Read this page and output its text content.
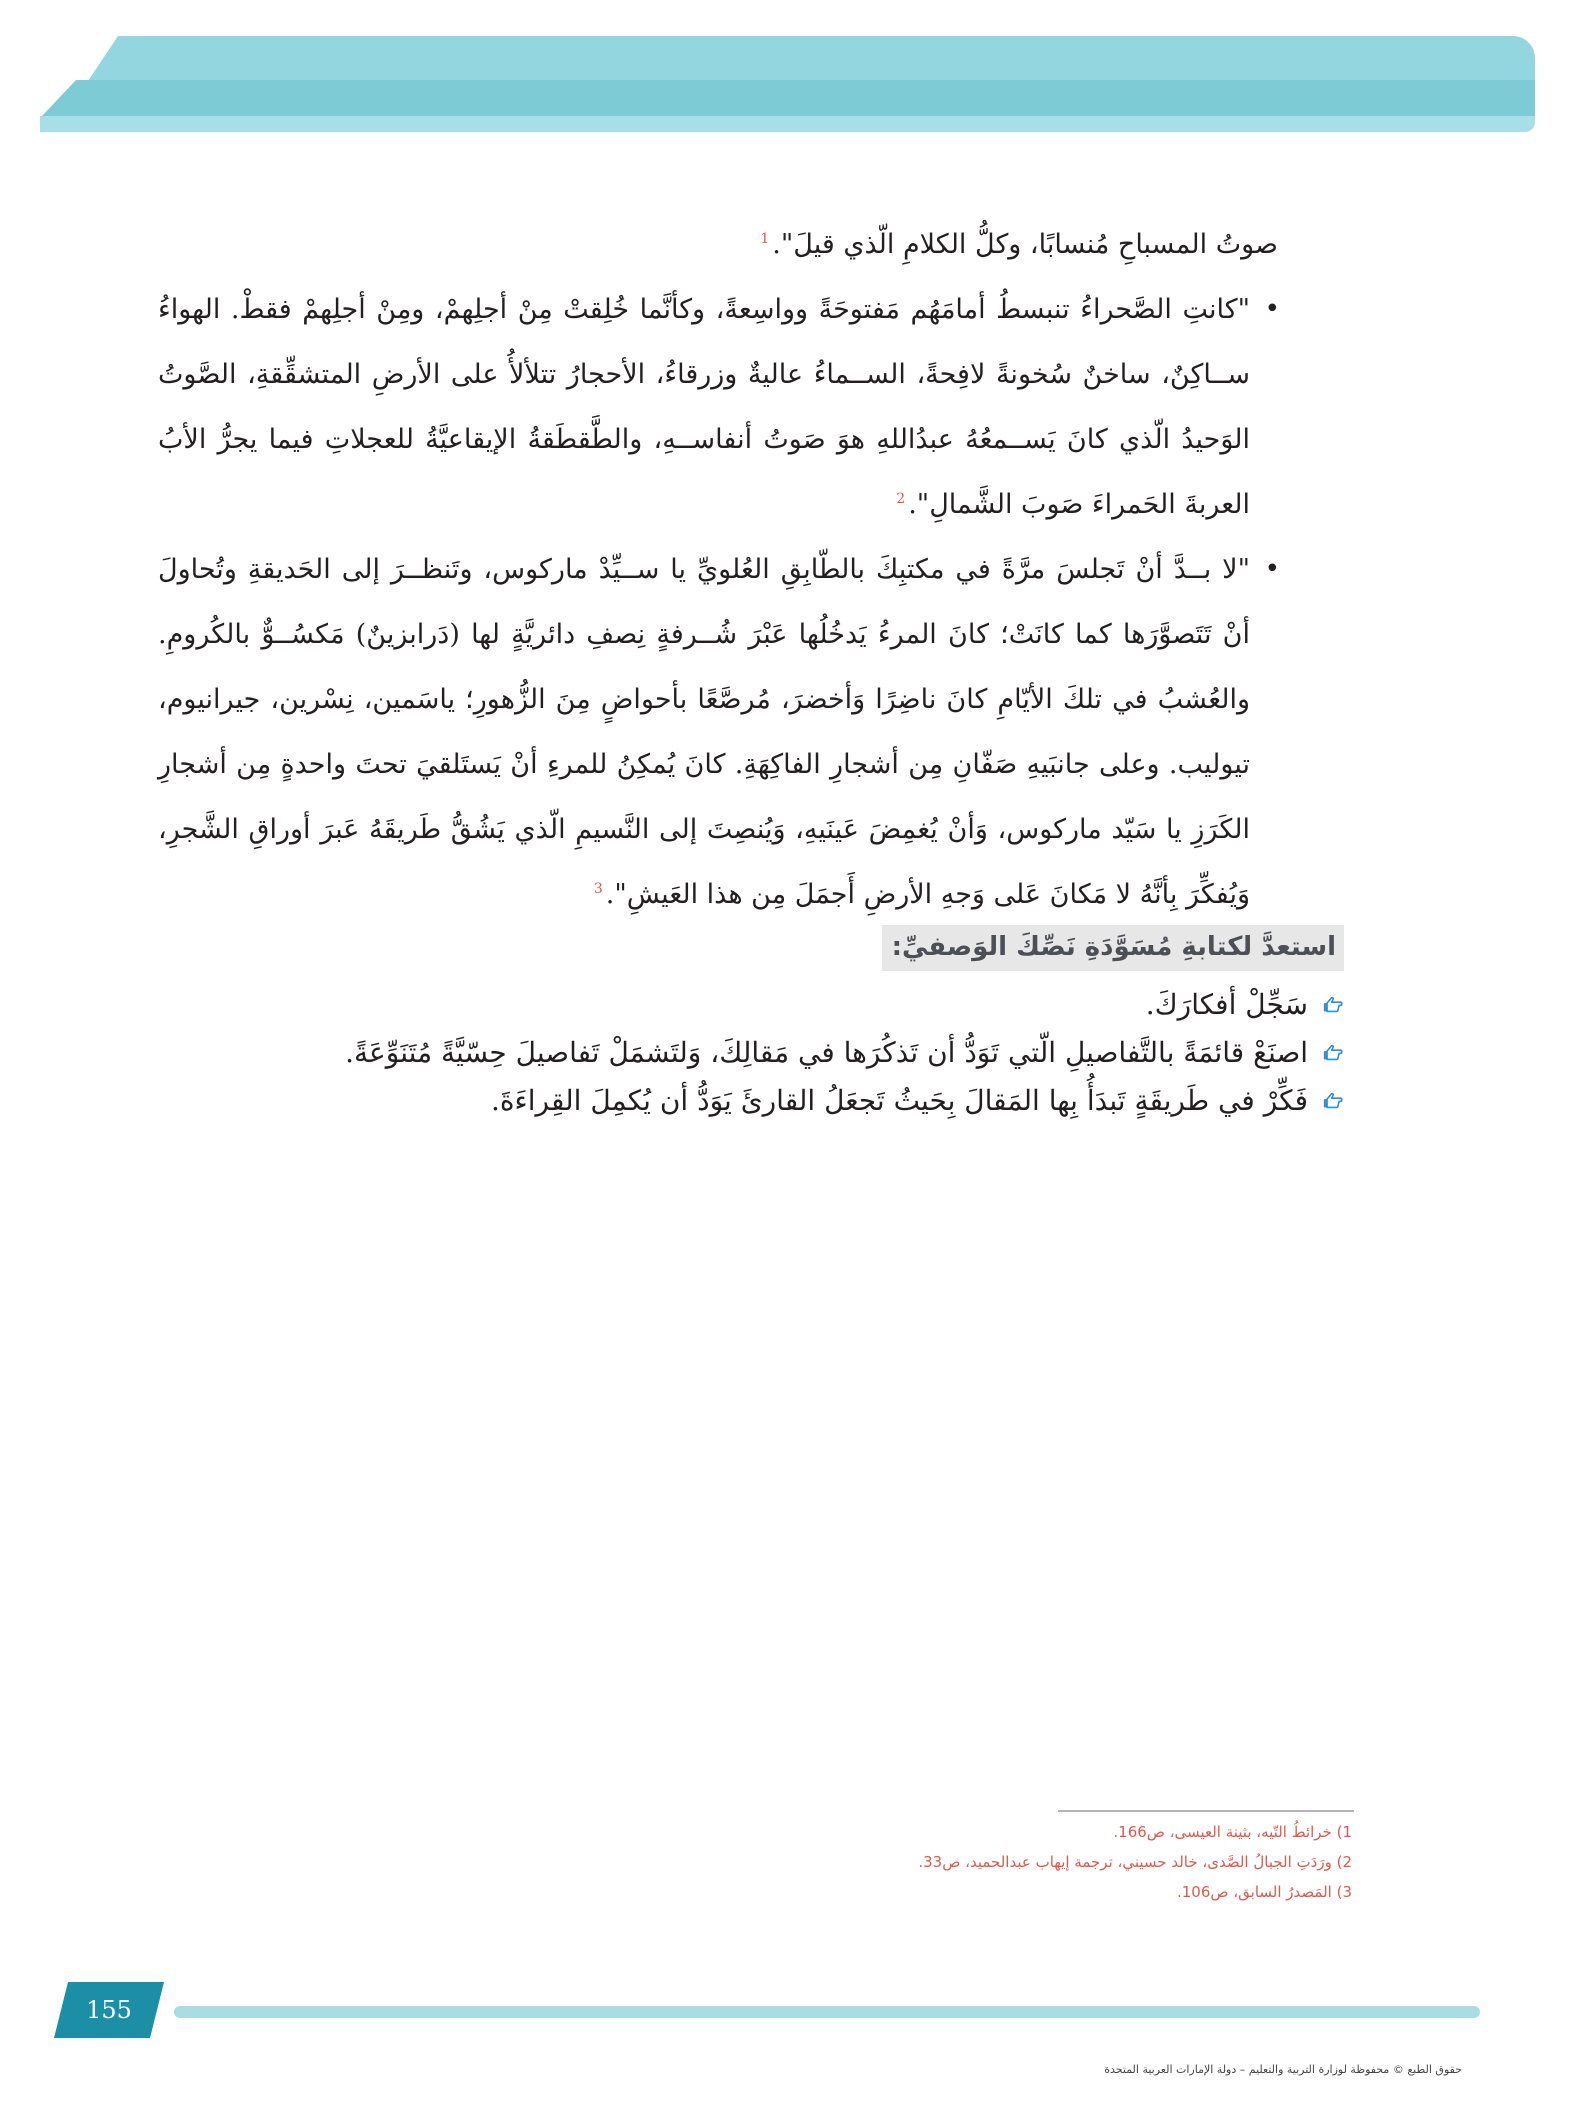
صوتُ المسباحِ مُنسابًا، وكلُّ الكلامِ الّذي قيلَ".$^1$

•
"كانتِ الصَّحراءُ تنبسطُ أمامَهُم مَفتوحَةً وواسِعةً، وكأنَّما خُلِقتْ مِنْ أجلِهمْ، ومِنْ أجلِهمْ فقطْ. الهواءُ ســاكِنٌ، ساخنٌ سُخونةً لافِحةً، الســماءُ عاليةٌ وزرقاءُ، الأحجارُ تتلألأُ على الأرضِ المتشقِّقةِ، الصَّوتُ الوَحيدُ الّذي كانَ يَســمعُهُ عبدُاللهِ هوَ صَوتُ أنفاســهِ، والطَّقطَقةُ الإيقاعيَّةُ للعجلاتِ فيما يجرُّ الأبُ العربةَ الحَمراءَ صَوبَ الشَّمالِ".$^2$

•
"لا بــدَّ أنْ تَجلسَ مرَّةً في مكتبِكَ بالطّابِقِ العُلويِّ يا ســيِّدْ ماركوس، وتَنظــرَ إلى الحَديقةِ وتُحاولَ أنْ تَتَصوَّرَها كما كانَتْ؛ كانَ المرءُ يَدخُلُها عَبْرَ شُــرفةٍ نِصفِ دائريَّةٍ لها (دَرابزينٌ) مَكسُــوٌّ بالكُرومِ. والعُشبُ في تلكَ الأيّامِ كانَ ناضِرًا وَأخضرَ، مُرصَّعًا بأحواضٍ مِنَ الزُّهورِ؛ ياسَمين، نِسْرين، جيرانيوم، تيوليب. وعلى جانبَيهِ صَفّانِ مِن أشجارِ الفاكِهَةِ. كانَ يُمكِنُ للمرءِ أنْ يَستَلقيَ تحتَ واحدةٍ مِن أشجارِ الكَرَزِ يا سَيّد ماركوس، وَأنْ يُغمِضَ عَينَيهِ، وَيُنصِتَ إلى النَّسيمِ الّذي يَشُقُّ طَريقَهُ عَبرَ أوراقِ الشَّجرِ، وَيُفكِّرَ بِأنَّهُ لا مَكانَ عَلى وَجهِ الأرضِ أَجمَلَ مِن هذا العَيشِ".$^3$

استعدَّ لكتابةِ مُسَوَّدَةِ نَصِّكَ الوَصفيِّ:
سَجِّلْ أفكارَكَ.
اصنَعْ قائمَةً بالتَّفاصيلِ الّتي تَوَدُّ أن تَذكُرَها في مَقالِكَ، وَلتَشمَلْ تَفاصيلَ حِسّيَّةً مُتَنَوِّعَةً.
فَكِّرْ في طَريقَةٍ تَبدَأُ بِها المَقالَ بِحَيثُ تَجعَلُ القارئَ يَوَدُّ أن يُكمِلَ القِراءَةَ.
1) خرائطُ التّيه، بثينة العيسى، ص166.
2) ورَدَتِ الجبالُ الصَّدى، خالد حسيني، ترجمة إيهاب عبدالحميد، ص33.
3) المَصدرُ السابق، ص106.
155
حقوق الطبع © محفوظة لوزارة التربية والتعليم – دولة الإمارات العربية المتحدة
